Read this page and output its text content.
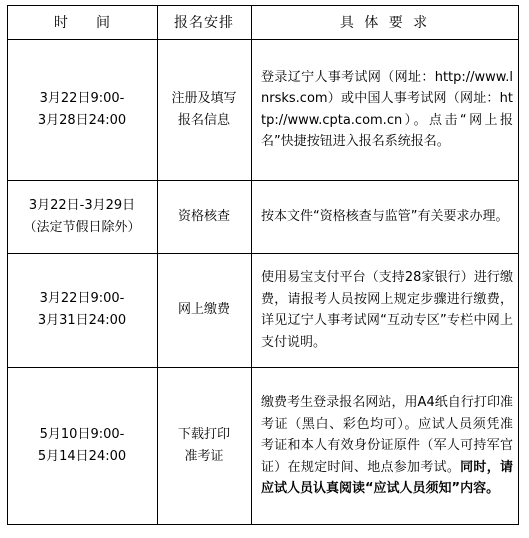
时　　间	报名安排	具 体 要 求
3月22日9:00-
3月28日24:00
注册及填写
报名信息
登录辽宁人事考试网（网址：http://www.lnrsks.com）或中国人事考试网（网址：http://www.cpta.com.cn）。点击“网上报名”快捷按钮进入报名系统报名。
3月22日-3月29日
（法定节假日除外）
资格核查 按本文件“资格核查与监管”有关要求办理。
3月22日9:00-
3月31日24:00
网上缴费
使用易宝支付平台（支持28家银行）进行缴费，请报考人员按网上规定步骤进行缴费，详见辽宁人事考试网“互动专区”专栏中网上支付说明。
5月10日9:00-
5月14日24:00
下载打印
准考证
缴费考生登录报名网站，用A4纸自行打印准考证（黑白、彩色均可）。应试人员须凭准考证和本人有效身份证原件（军人可持军官证）在规定时间、地点参加考试。同时，请应试人员认真阅读“应试人员须知”内容。
